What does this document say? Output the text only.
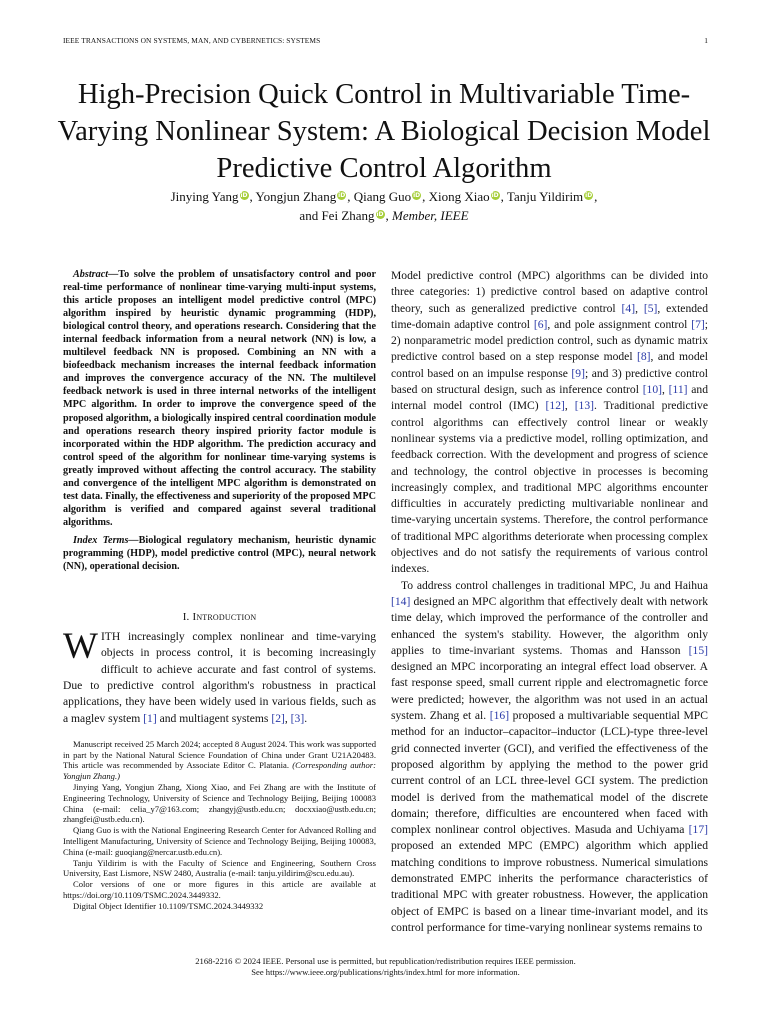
IEEE TRANSACTIONS ON SYSTEMS, MAN, AND CYBERNETICS: SYSTEMS	1
High-Precision Quick Control in Multivariable Time-Varying Nonlinear System: A Biological Decision Model Predictive Control Algorithm
Jinying Yang iD , Yongjun Zhang iD , Qiang Guo iD , Xiong Xiao iD , Tanju Yildirim iD ,
and Fei Zhang iD , Member, IEEE

Abstract—To solve the problem of unsatisfactory control and poor real-time performance of nonlinear time-varying multi-input systems, this article proposes an intelligent model predictive control (MPC) algorithm inspired by heuristic dynamic programming (HDP), biological control theory, and operations research. Considering that the internal feedback information from a neural network (NN) is low, a multilevel feedback NN is proposed. Combining an NN with a biofeedback mechanism increases the internal feedback information and improves the convergence accuracy of the NN. The multilevel feedback network is used in three internal networks of the intelligent MPC algorithm. In order to improve the convergence speed of the proposed algorithm, a biologically inspired central coordination module and operations research theory inspired priority factor module is incorporated within the HDP algorithm. The prediction accuracy and control speed of the algorithm for nonlinear time-varying systems is greatly improved without affecting the control accuracy. The stability and convergence of the intelligent MPC algorithm is demonstrated on test data. Finally, the effectiveness and superiority of the proposed MPC algorithm is verified and compared against several traditional algorithms.

Index Terms—Biological regulatory mechanism, heuristic dynamic programming (HDP), model predictive control (MPC), neural network (NN), operational decision.

I. Introduction

WITH increasingly complex nonlinear and time-varying objects in process control, it is becoming increasingly difficult to achieve accurate and fast control of systems. Due to predictive control algorithm's robustness in practical applications, they have been widely used in various fields, such as a maglev system [1] and multiagent systems [2], [3].

Manuscript received 25 March 2024; accepted 8 August 2024. This work was supported in part by the National Natural Science Foundation of China under Grant U21A20483. This article was recommended by Associate Editor C. Platania. (Corresponding author: Yongjun Zhang.)

Jinying Yang, Yongjun Zhang, Xiong Xiao, and Fei Zhang are with the Institute of Engineering Technology, University of Science and Technology Beijing, Beijing 100083 China (e-mail: celia_y7@163.com; zhangyj@ustb.edu.cn; docxxiao@ustb.edu.cn; zhangfei@ustb.edu.cn).

Qiang Guo is with the National Engineering Research Center for Advanced Rolling and Intelligent Manufacturing, University of Science and Technology Beijing, Beijing 100083, China (e-mail: guoqiang@nercar.ustb.edu.cn).

Tanju Yildirim is with the Faculty of Science and Engineering, Southern Cross University, East Lismore, NSW 2480, Australia (e-mail: tanju.yildirim@scu.edu.au).

Color versions of one or more figures in this article are available at https://doi.org/10.1109/TSMC.2024.3449332.

Digital Object Identifier 10.1109/TSMC.2024.3449332

Model predictive control (MPC) algorithms can be divided into three categories: 1) predictive control based on adaptive control theory, such as generalized predictive control [4], [5], extended time-domain adaptive control [6], and pole assignment control [7]; 2) nonparametric model prediction control, such as dynamic matrix predictive control based on a step response model [8], and model control based on an impulse response [9]; and 3) predictive control based on structural design, such as inference control [10], [11] and internal model control (IMC) [12], [13]. Traditional predictive control algorithms can effectively control linear or weakly nonlinear systems via a predictive model, rolling optimization, and feedback correction. With the development and progress of science and technology, the control objective in processes is becoming increasingly complex, and traditional MPC algorithms encounter difficulties in accurately predicting multivariable nonlinear and time-varying uncertain systems. Therefore, the control performance of traditional MPC algorithms deteriorate when processing complex objectives and do not satisfy the requirements of various control indexes.

To address control challenges in traditional MPC, Ju and Haihua [14] designed an MPC algorithm that effectively dealt with network time delay, which improved the performance of the controller and enhanced the system's stability. However, the algorithm only applies to time-invariant systems. Thomas and Hansson [15] designed an MPC incorporating an integral effect load observer. A fast response speed, small current ripple and electromagnetic force were predicted; however, the algorithm was not used in an actual system. Zhang et al. [16] proposed a multivariable sequential MPC method for an inductor–capacitor–inductor (LCL)-type three-level grid connected inverter (GCI), and verified the effectiveness of the proposed algorithm by applying the method to the power grid current control of an LCL three-level GCI system. The prediction model is derived from the mathematical model of the discrete domain; therefore, difficulties are encountered when faced with complex nonlinear control objectives. Masuda and Uchiyama [17] proposed an extended MPC (EMPC) algorithm which applied matching conditions to improve robustness. Numerical simulations demonstrated EMPC inherits the performance characteristics of traditional MPC with greater robustness. However, the application object of EMPC is based on a linear time-invariant model, and its control performance for time-varying nonlinear systems remains to

2168-2216 © 2024 IEEE. Personal use is permitted, but republication/redistribution requires IEEE permission.
See https://www.ieee.org/publications/rights/index.html for more information.
